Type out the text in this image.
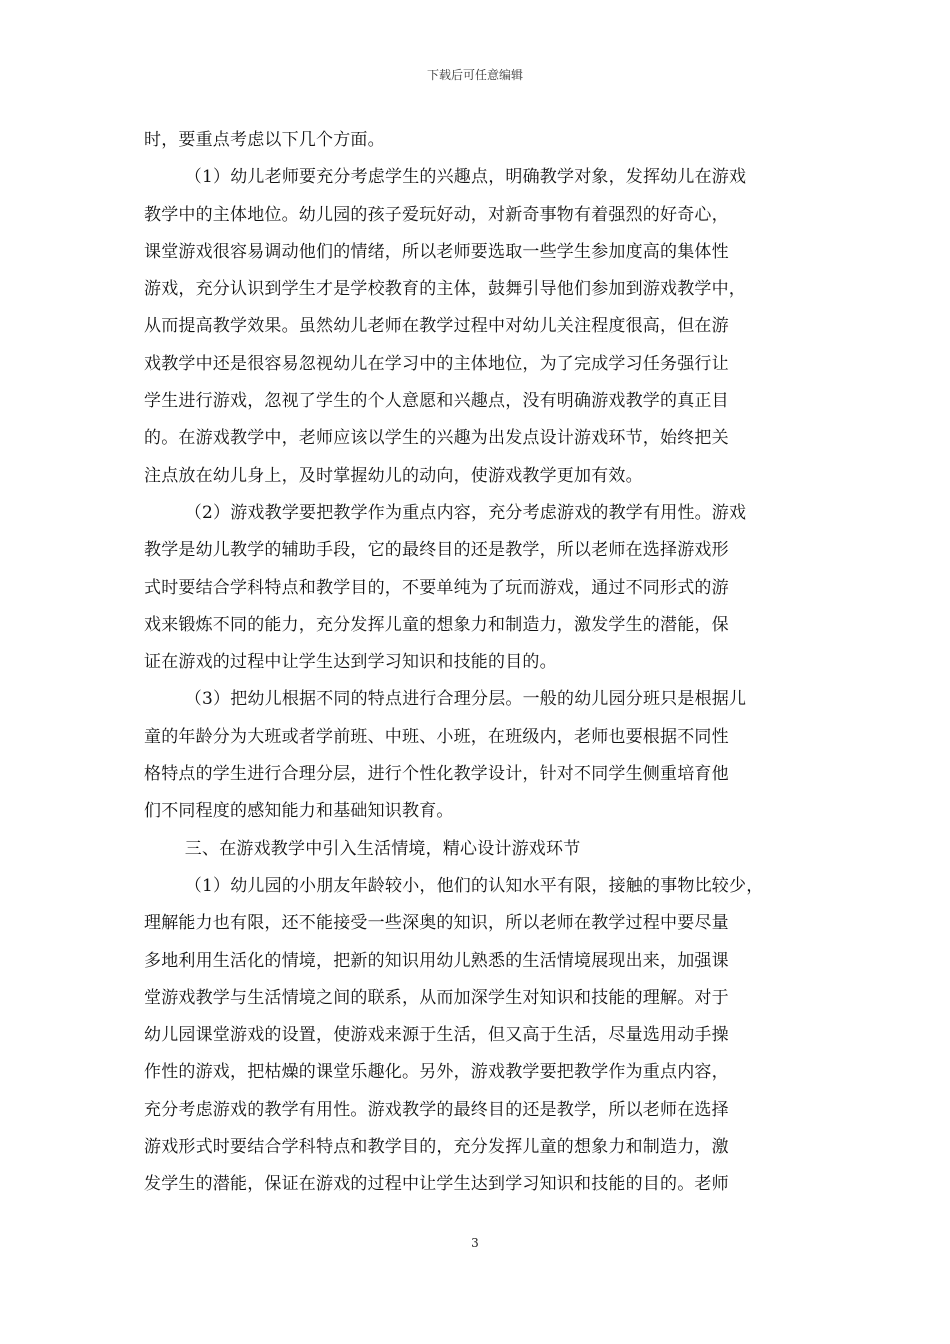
下载后可任意编辑
时，要重点考虑以下几个方面。
（1）幼儿老师要充分考虑学生的兴趣点，明确教学对象，发挥幼儿在游戏
教学中的主体地位。幼儿园的孩子爱玩好动，对新奇事物有着强烈的好奇心，
课堂游戏很容易调动他们的情绪，所以老师要选取一些学生参加度高的集体性
游戏，充分认识到学生才是学校教育的主体，鼓舞引导他们参加到游戏教学中，
从而提高教学效果。虽然幼儿老师在教学过程中对幼儿关注程度很高，但在游
戏教学中还是很容易忽视幼儿在学习中的主体地位，为了完成学习任务强行让
学生进行游戏，忽视了学生的个人意愿和兴趣点，没有明确游戏教学的真正目
的。在游戏教学中，老师应该以学生的兴趣为出发点设计游戏环节，始终把关
注点放在幼儿身上，及时掌握幼儿的动向，使游戏教学更加有效。
（2）游戏教学要把教学作为重点内容，充分考虑游戏的教学有用性。游戏
教学是幼儿教学的辅助手段，它的最终目的还是教学，所以老师在选择游戏形
式时要结合学科特点和教学目的，不要单纯为了玩而游戏，通过不同形式的游
戏来锻炼不同的能力，充分发挥儿童的想象力和制造力，激发学生的潜能，保
证在游戏的过程中让学生达到学习知识和技能的目的。
（3）把幼儿根据不同的特点进行合理分层。一般的幼儿园分班只是根据儿
童的年龄分为大班或者学前班、中班、小班，在班级内，老师也要根据不同性
格特点的学生进行合理分层，进行个性化教学设计，针对不同学生侧重培育他
们不同程度的感知能力和基础知识教育。
三、在游戏教学中引入生活情境，精心设计游戏环节
（1）幼儿园的小朋友年龄较小，他们的认知水平有限，接触的事物比较少，
理解能力也有限，还不能接受一些深奥的知识，所以老师在教学过程中要尽量
多地利用生活化的情境，把新的知识用幼儿熟悉的生活情境展现出来，加强课
堂游戏教学与生活情境之间的联系，从而加深学生对知识和技能的理解。对于
幼儿园课堂游戏的设置，使游戏来源于生活，但又高于生活，尽量选用动手操
作性的游戏，把枯燥的课堂乐趣化。另外，游戏教学要把教学作为重点内容，
充分考虑游戏的教学有用性。游戏教学的最终目的还是教学，所以老师在选择
游戏形式时要结合学科特点和教学目的，充分发挥儿童的想象力和制造力，激
发学生的潜能，保证在游戏的过程中让学生达到学习知识和技能的目的。老师
3
